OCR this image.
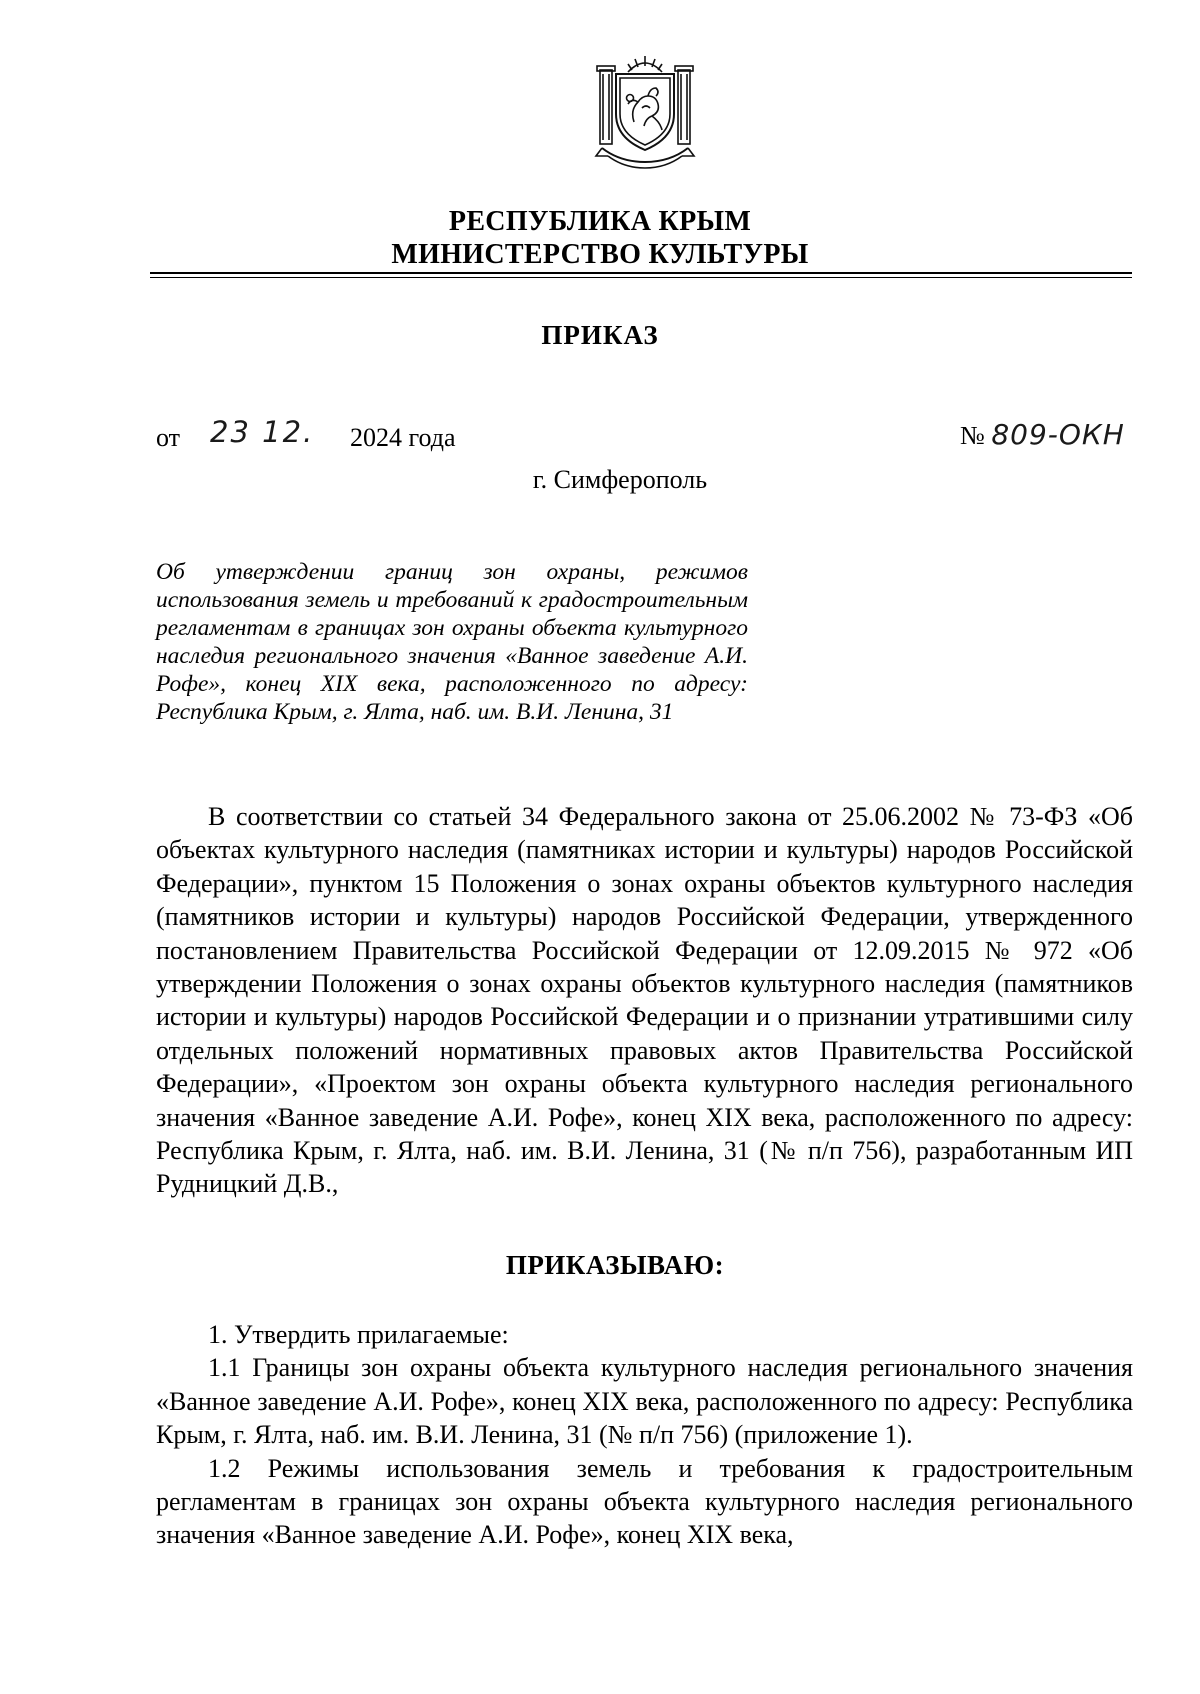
РЕСПУБЛИКА КРЫМ
МИНИСТЕРСТВО КУЛЬТУРЫ
ПРИКАЗ
от 23 12. 2024 года	№ 809-ОКН
г. Симферополь
Об утверждении границ зон охраны, режимов использования земель и требований к градостроительным регламентам в границах зон охраны объекта культурного наследия регионального значения «Ванное заведение А.И. Рофе», конец XIX века, расположенного по адресу: Республика Крым, г. Ялта, наб. им. В.И. Ленина, 31
В соответствии со статьей 34 Федерального закона от 25.06.2002 № 73-ФЗ «Об объектах культурного наследия (памятниках истории и культуры) народов Российской Федерации», пунктом 15 Положения о зонах охраны объектов культурного наследия (памятников истории и культуры) народов Российской Федерации, утвержденного постановлением Правительства Российской Федерации от 12.09.2015 № 972 «Об утверждении Положения о зонах охраны объектов культурного наследия (памятников истории и культуры) народов Российской Федерации и о признании утратившими силу отдельных положений нормативных правовых актов Правительства Российской Федерации», «Проектом зон охраны объекта культурного наследия регионального значения «Ванное заведение А.И. Рофе», конец XIX века, расположенного по адресу: Республика Крым, г. Ялта, наб. им. В.И. Ленина, 31 (№ п/п 756), разработанным ИП Рудницкий Д.В.,
ПРИКАЗЫВАЮ:

1. Утвердить прилагаемые:

1.1 Границы зон охраны объекта культурного наследия регионального значения «Ванное заведение А.И. Рофе», конец XIX века, расположенного по адресу: Республика Крым, г. Ялта, наб. им. В.И. Ленина, 31 (№ п/п 756) (приложение 1).

1.2 Режимы использования земель и требования к градостроительным регламентам в границах зон охраны объекта культурного наследия регионального значения «Ванное заведение А.И. Рофе», конец XIX века,
